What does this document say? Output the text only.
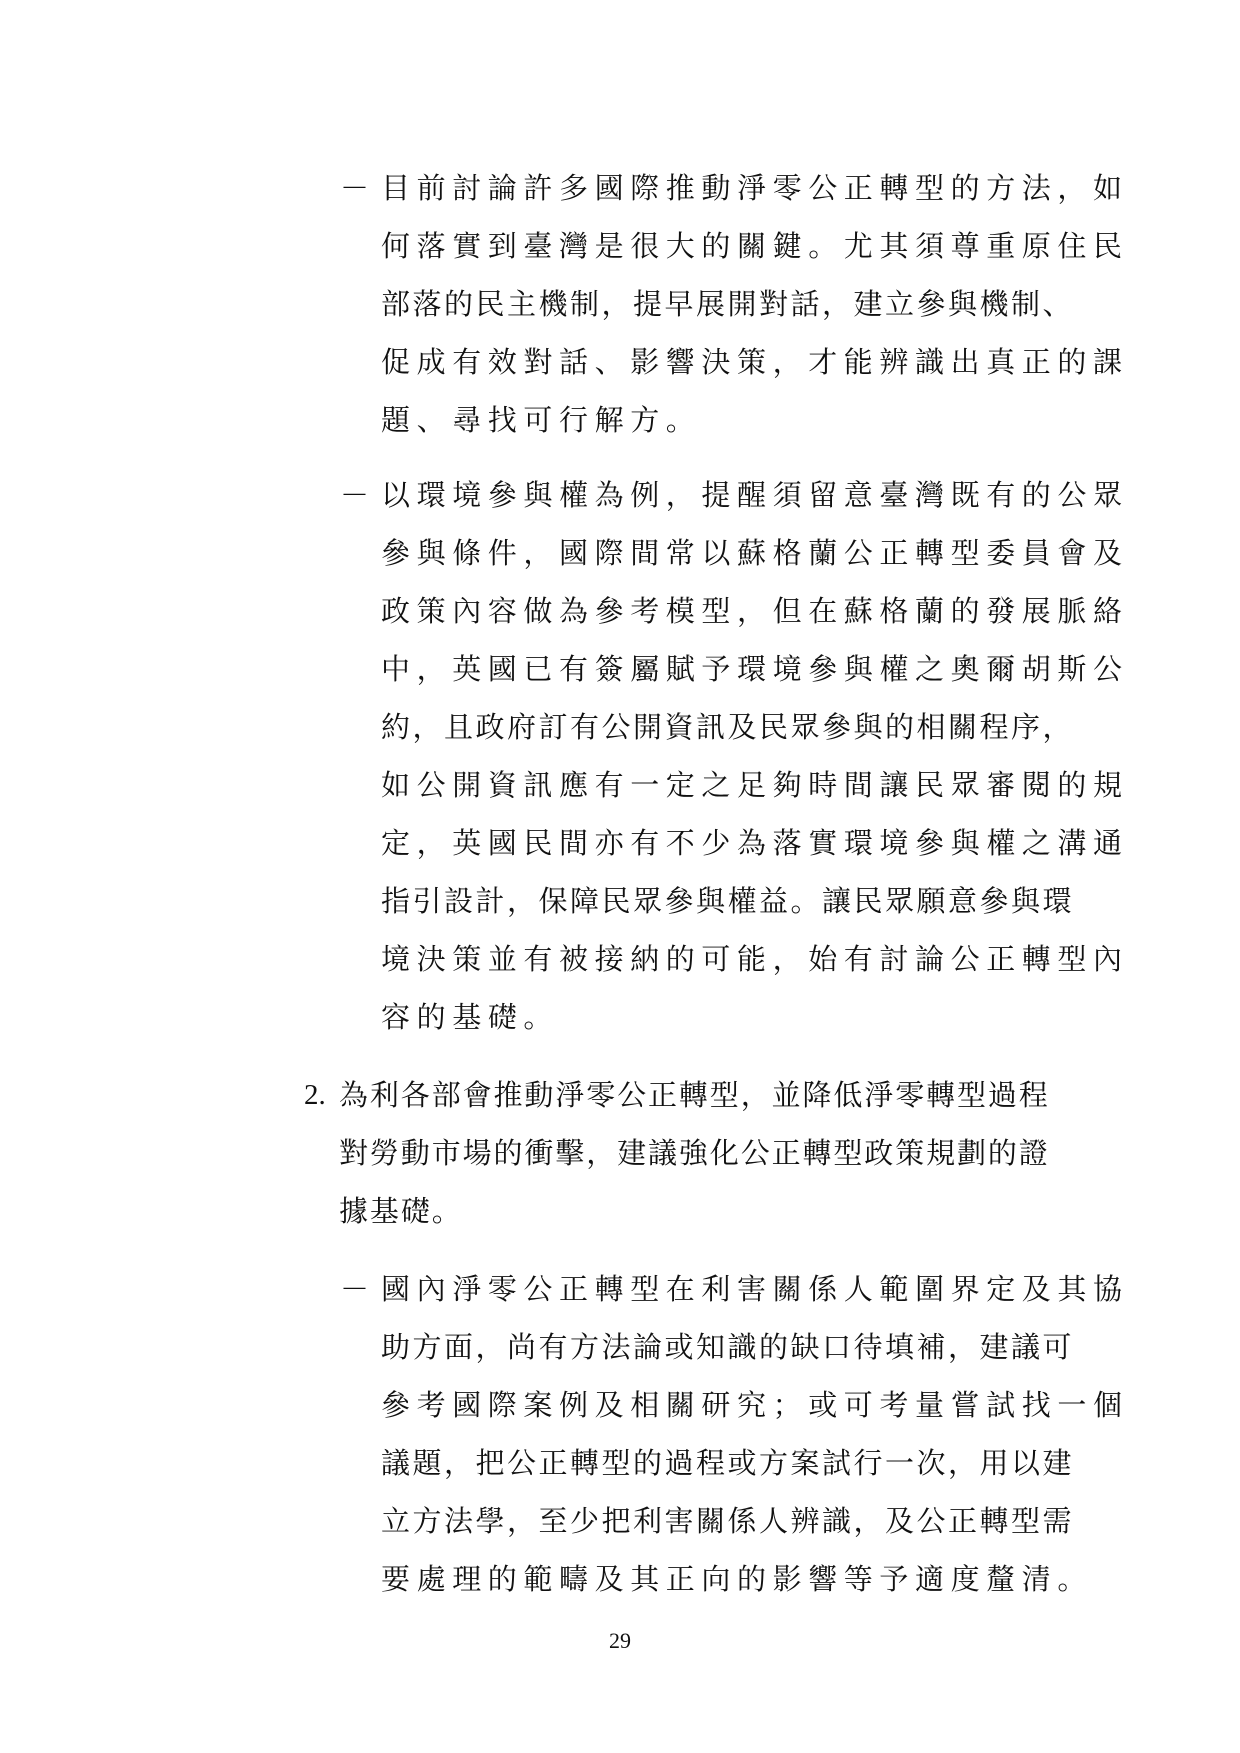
－ 目前討論許多國際推動淨零公正轉型的方法，如
何落實到臺灣是很大的關鍵。尤其須尊重原住民
部落的民主機制，提早展開對話，建立參與機制、
促成有效對話、影響決策，才能辨識出真正的課
題、尋找可行解方。
－ 以環境參與權為例，提醒須留意臺灣既有的公眾
參與條件，國際間常以蘇格蘭公正轉型委員會及
政策內容做為參考模型，但在蘇格蘭的發展脈絡
中，英國已有簽屬賦予環境參與權之奧爾胡斯公
約，且政府訂有公開資訊及民眾參與的相關程序，
如公開資訊應有一定之足夠時間讓民眾審閱的規
定，英國民間亦有不少為落實環境參與權之溝通
指引設計，保障民眾參與權益。讓民眾願意參與環
境決策並有被接納的可能，始有討論公正轉型內
容的基礎。
2. 為利各部會推動淨零公正轉型，並降低淨零轉型過程
對勞動市場的衝擊，建議強化公正轉型政策規劃的證
據基礎。
－ 國內淨零公正轉型在利害關係人範圍界定及其協
助方面，尚有方法論或知識的缺口待填補，建議可
參考國際案例及相關研究；或可考量嘗試找一個
議題，把公正轉型的過程或方案試行一次，用以建
立方法學，至少把利害關係人辨識，及公正轉型需
要處理的範疇及其正向的影響等予適度釐清。
29
